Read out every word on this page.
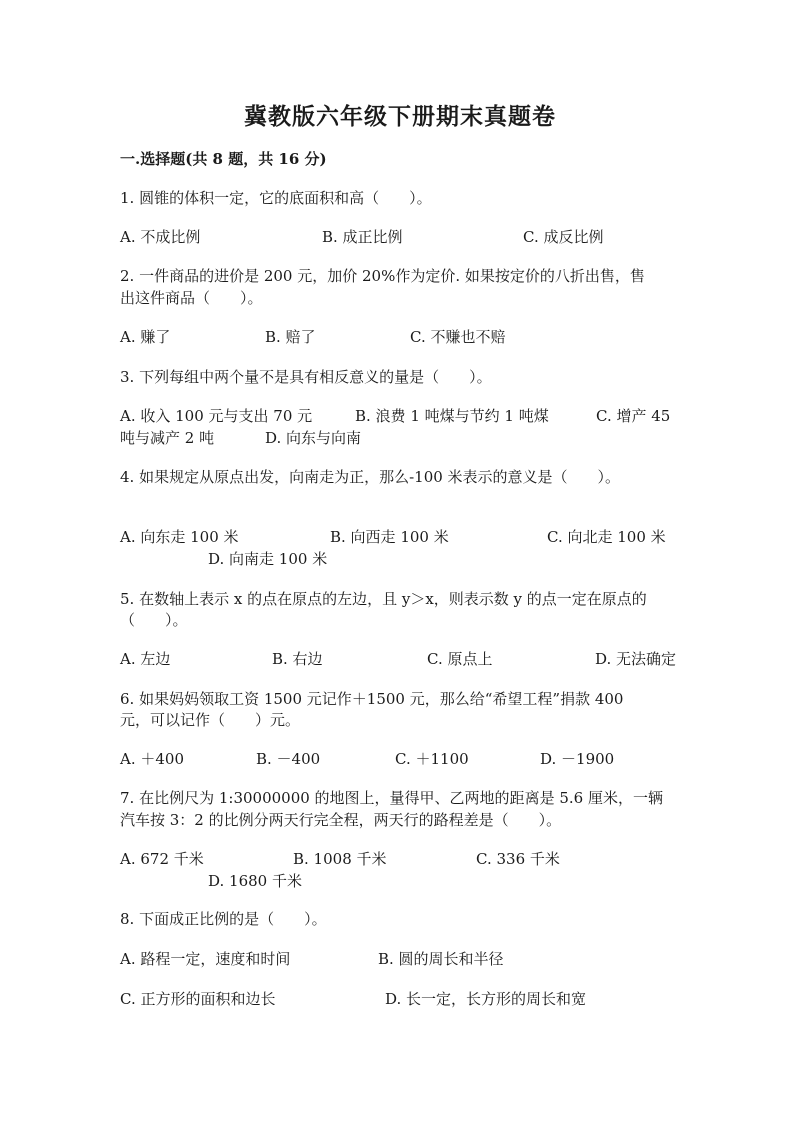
冀教版六年级下册期末真题卷
一.选择题(共 8 题，共 16 分)
1. 圆锥的体积一定，它的底面积和高（　　）。
A. 不成比例	B. 成正比例	C. 成反比例
2. 一件商品的进价是 200 元，加价 20%作为定价. 如果按定价的八折出售，售
出这件商品（　　）。
A. 赚了	B. 赔了	C. 不赚也不赔
3. 下列每组中两个量不是具有相反意义的量是（　　）。
A. 收入 100 元与支出 70 元	B. 浪费 1 吨煤与节约 1 吨煤	C. 增产 45
吨与减产 2 吨	D. 向东与向南
4. 如果规定从原点出发，向南走为正，那么-100 米表示的意义是（　　）。
A. 向东走 100 米	B. 向西走 100 米	C. 向北走 100 米
D. 向南走 100 米
5. 在数轴上表示 x 的点在原点的左边，且 y＞x，则表示数 y 的点一定在原点的
（　　）。
A. 左边	B. 右边	C. 原点上	D. 无法确定
6. 如果妈妈领取工资 1500 元记作＋1500 元，那么给“希望工程”捐款 400
元，可以记作（　　）元。
A. ＋400	B. －400	C. ＋1100	D. －1900
7. 在比例尺为 1:30000000 的地图上，量得甲、乙两地的距离是 5.6 厘米，一辆
汽车按 3：2 的比例分两天行完全程，两天行的路程差是（　　）。
A. 672 千米	B. 1008 千米	C. 336 千米
D. 1680 千米
8. 下面成正比例的是（　　）。
A. 路程一定，速度和时间	B. 圆的周长和半径
C. 正方形的面积和边长	D. 长一定，长方形的周长和宽
